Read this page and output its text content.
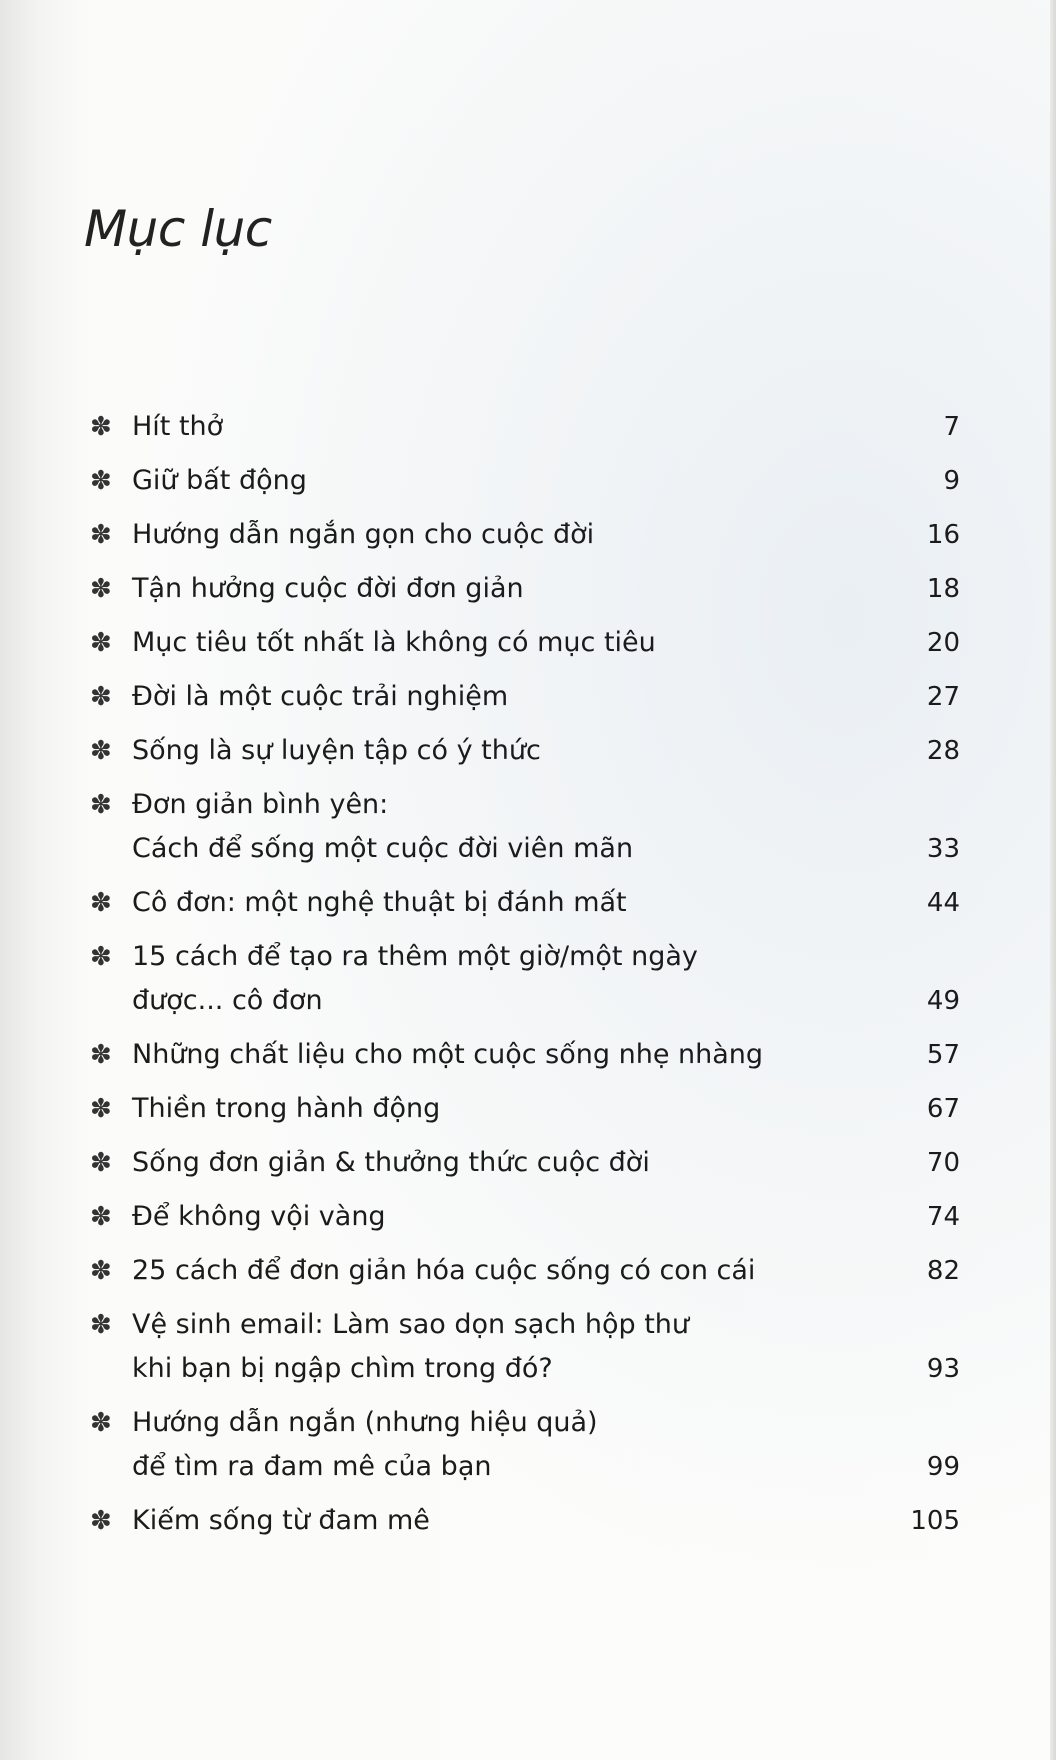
Mục lục
✽ Hít thở	7
✽ Giữ bất động	9
✽ Hướng dẫn ngắn gọn cho cuộc đời	16
✽ Tận hưởng cuộc đời đơn giản	18
✽ Mục tiêu tốt nhất là không có mục tiêu	20
✽ Đời là một cuộc trải nghiệm	27
✽ Sống là sự luyện tập có ý thức	28
✽ Đơn giản bình yên:
Cách để sống một cuộc đời viên mãn	33
✽ Cô đơn: một nghệ thuật bị đánh mất	44
✽ 15 cách để tạo ra thêm một giờ/một ngày
được... cô đơn	49
✽ Những chất liệu cho một cuộc sống nhẹ nhàng	57
✽ Thiền trong hành động	67
✽ Sống đơn giản & thưởng thức cuộc đời	70
✽ Để không vội vàng	74
✽ 25 cách để đơn giản hóa cuộc sống có con cái	82
✽ Vệ sinh email: Làm sao dọn sạch hộp thư
khi bạn bị ngập chìm trong đó?	93
✽ Hướng dẫn ngắn (nhưng hiệu quả)
để tìm ra đam mê của bạn	99
✽ Kiếm sống từ đam mê	105
